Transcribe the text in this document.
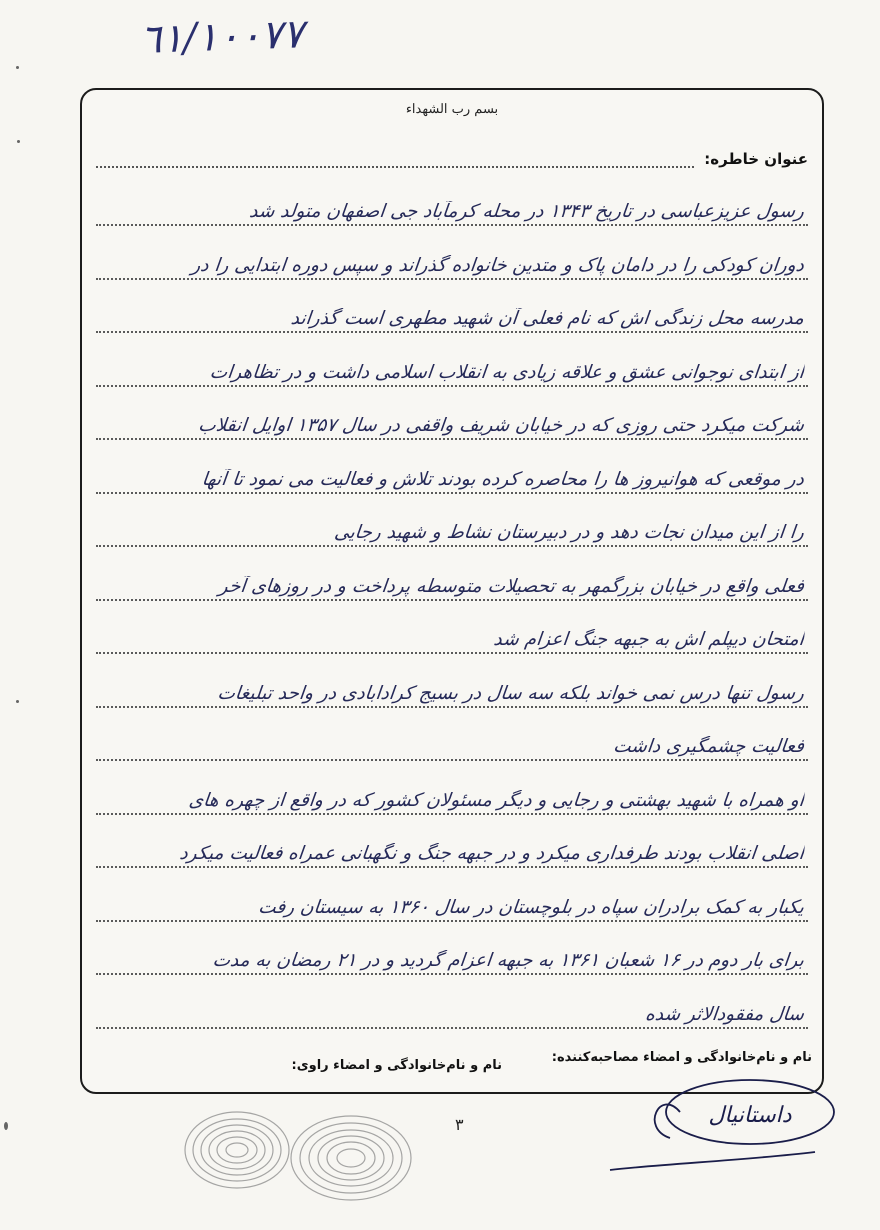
٦١/١٠٠٧٧
بسم رب الشهداء
عنوان خاطره:
رسول عزیزعباسی در تاریخ ۱۳۴۳ در محله کرمآباد جی اصفهان متولد شد
دوران کودکی را در دامان پاک و متدین خانواده گذراند و سپس دوره ابتدایی را در
مدرسه محل زندگی اش که نام فعلی آن شهید مطهری است گذراند
از ابتدای نوجوانی عشق و علاقه زیادی به انقلاب اسلامی داشت و در تظاهرات
شرکت میکرد حتی روزی که در خیابان شریف واقفی در سال ۱۳۵۷ اوایل انقلاب
در موقعی که هوانیروز ها را محاصره کرده بودند تلاش و فعالیت می نمود تا آنها
را از این میدان نجات دهد و در دبیرستان نشاط و شهید رجایی
فعلی واقع در خیابان بزرگمهر به تحصیلات متوسطه پرداخت و در روزهای آخر
امتحان دیپلم اش به جبهه جنگ اعزام شد
رسول تنها درس نمی خواند بلکه سه سال در بسیج کرادابادی در واحد تبلیغات
فعالیت چشمگیری داشت
او همراه با شهید بهشتی و رجایی و دیگر مسئولان کشور که در واقع از چهره های
اصلی انقلاب بودند طرفداری میکرد و در جبهه جنگ و نگهبانی عمراه فعالیت میکرد
یکبار به کمک برادران سپاه در بلوچستان در سال ۱۳۶۰ به سیستان رفت
برای بار دوم در ۱۶ شعبان ۱۳۶۱ به جبهه اعزام گردید و در ۲۱ رمضان به مدت
سال مفقودالاثر شده
نام و نام‌خانوادگی و امضاء مصاحبه‌کننده:
نام و نام‌خانوادگی و امضاء راوی:
۳	داستانیال
